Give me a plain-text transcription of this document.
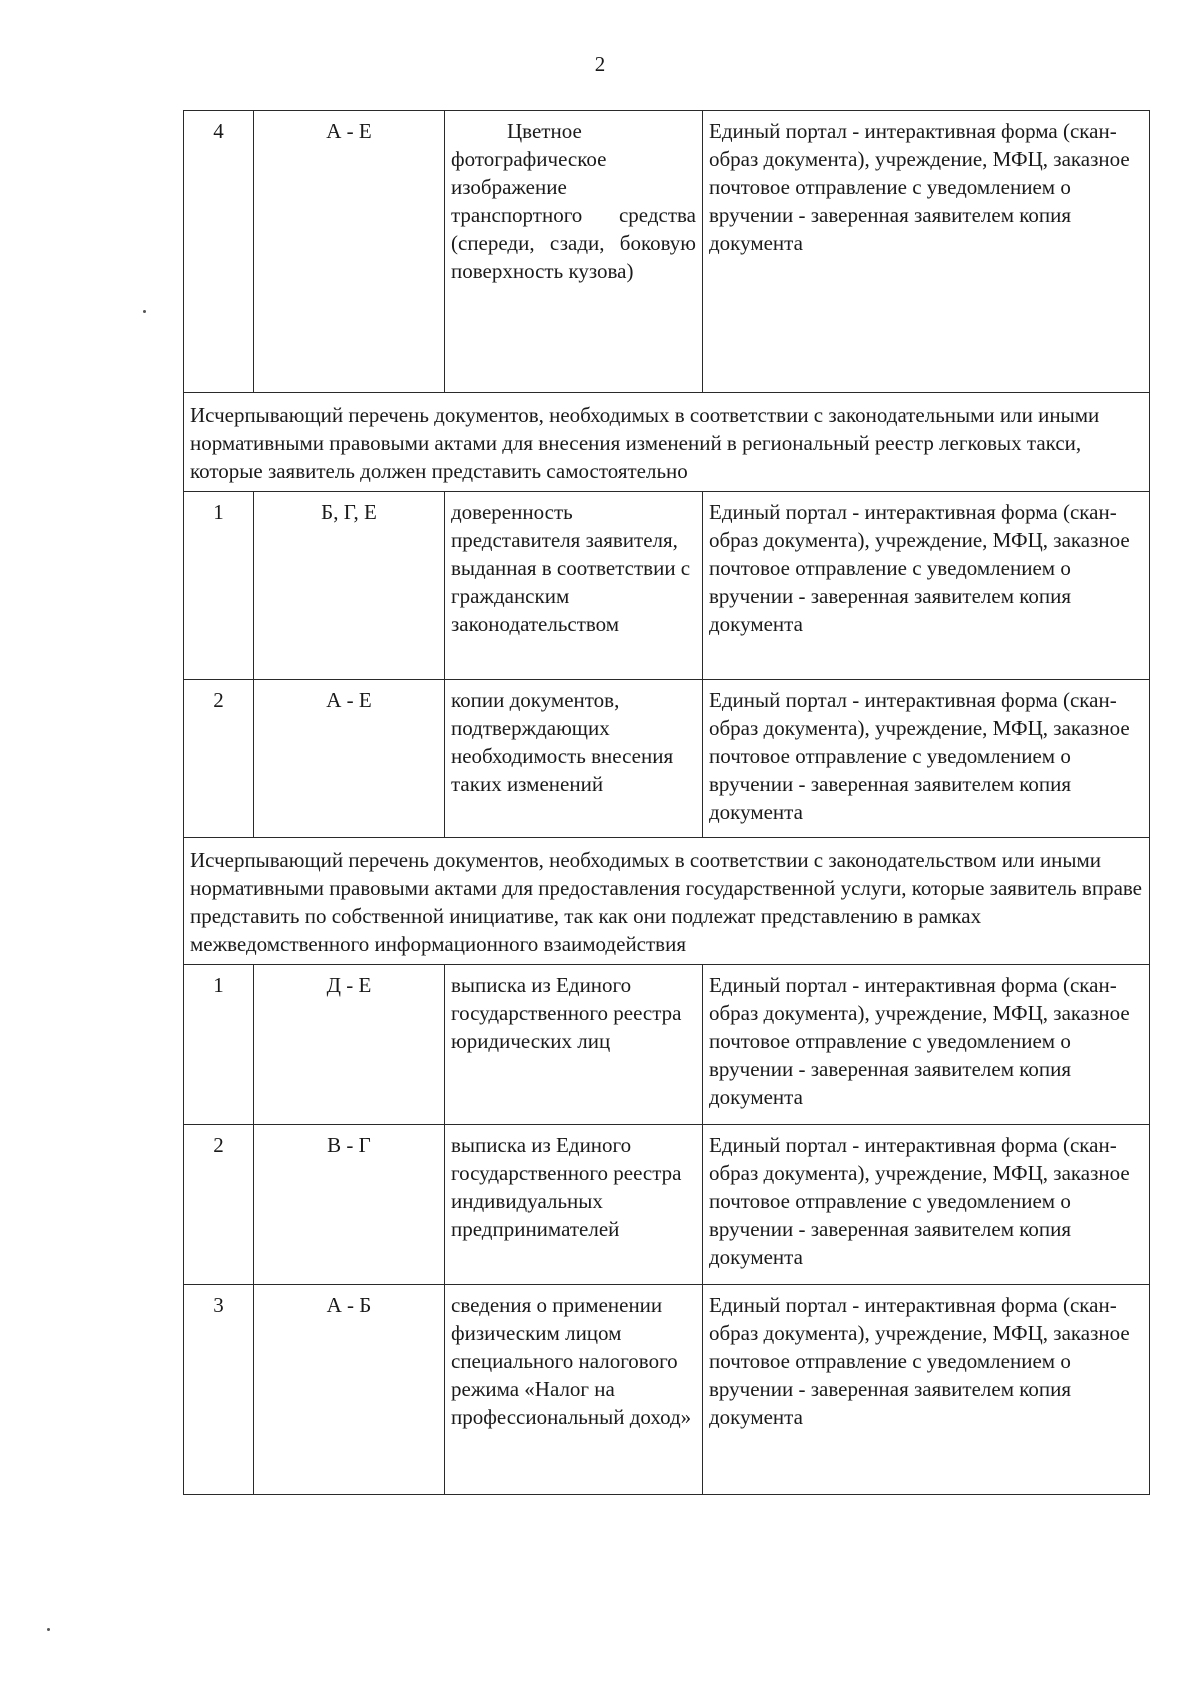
2
4	А - Е	Цветное фотографическое изображение транспортного средства (спереди, сзади, боковую поверхность кузова)	Единый портал - интерактивная форма (скан-образ документа), учреждение, МФЦ, заказное почтовое отправление с уведомлением о вручении - заверенная заявителем копия документа
Исчерпывающий перечень документов, необходимых в соответствии с законодательными или иными нормативными правовыми актами для внесения изменений в региональный реестр легковых такси, которые заявитель должен представить самостоятельно			
1	Б, Г, Е	доверенность представителя заявителя, выданная в соответствии с гражданским законодательством	Единый портал - интерактивная форма (скан-образ документа), учреждение, МФЦ, заказное почтовое отправление с уведомлением о вручении - заверенная заявителем копия документа
2	А - Е	копии документов, подтверждающих необходимость внесения таких изменений	Единый портал - интерактивная форма (скан-образ документа), учреждение, МФЦ, заказное почтовое отправление с уведомлением о вручении - заверенная заявителем копия документа
Исчерпывающий перечень документов, необходимых в соответствии с законодательством или иными нормативными правовыми актами для предоставления государственной услуги, которые заявитель вправе представить по собственной инициативе, так как они подлежат представлению в рамках межведомственного информационного взаимодействия			
1	Д - Е	выписка из Единого государственного реестра юридических лиц	Единый портал - интерактивная форма (скан-образ документа), учреждение, МФЦ, заказное почтовое отправление с уведомлением о вручении - заверенная заявителем копия документа
2	В - Г	выписка из Единого государственного реестра индивидуальных предпринимателей	Единый портал - интерактивная форма (скан-образ документа), учреждение, МФЦ, заказное почтовое отправление с уведомлением о вручении - заверенная заявителем копия документа
3	А - Б	сведения о применении физическим лицом специального налогового режима «Налог на профессиональный доход»	Единый портал - интерактивная форма (скан-образ документа), учреждение, МФЦ, заказное почтовое отправление с уведомлением о вручении - заверенная заявителем копия документа
